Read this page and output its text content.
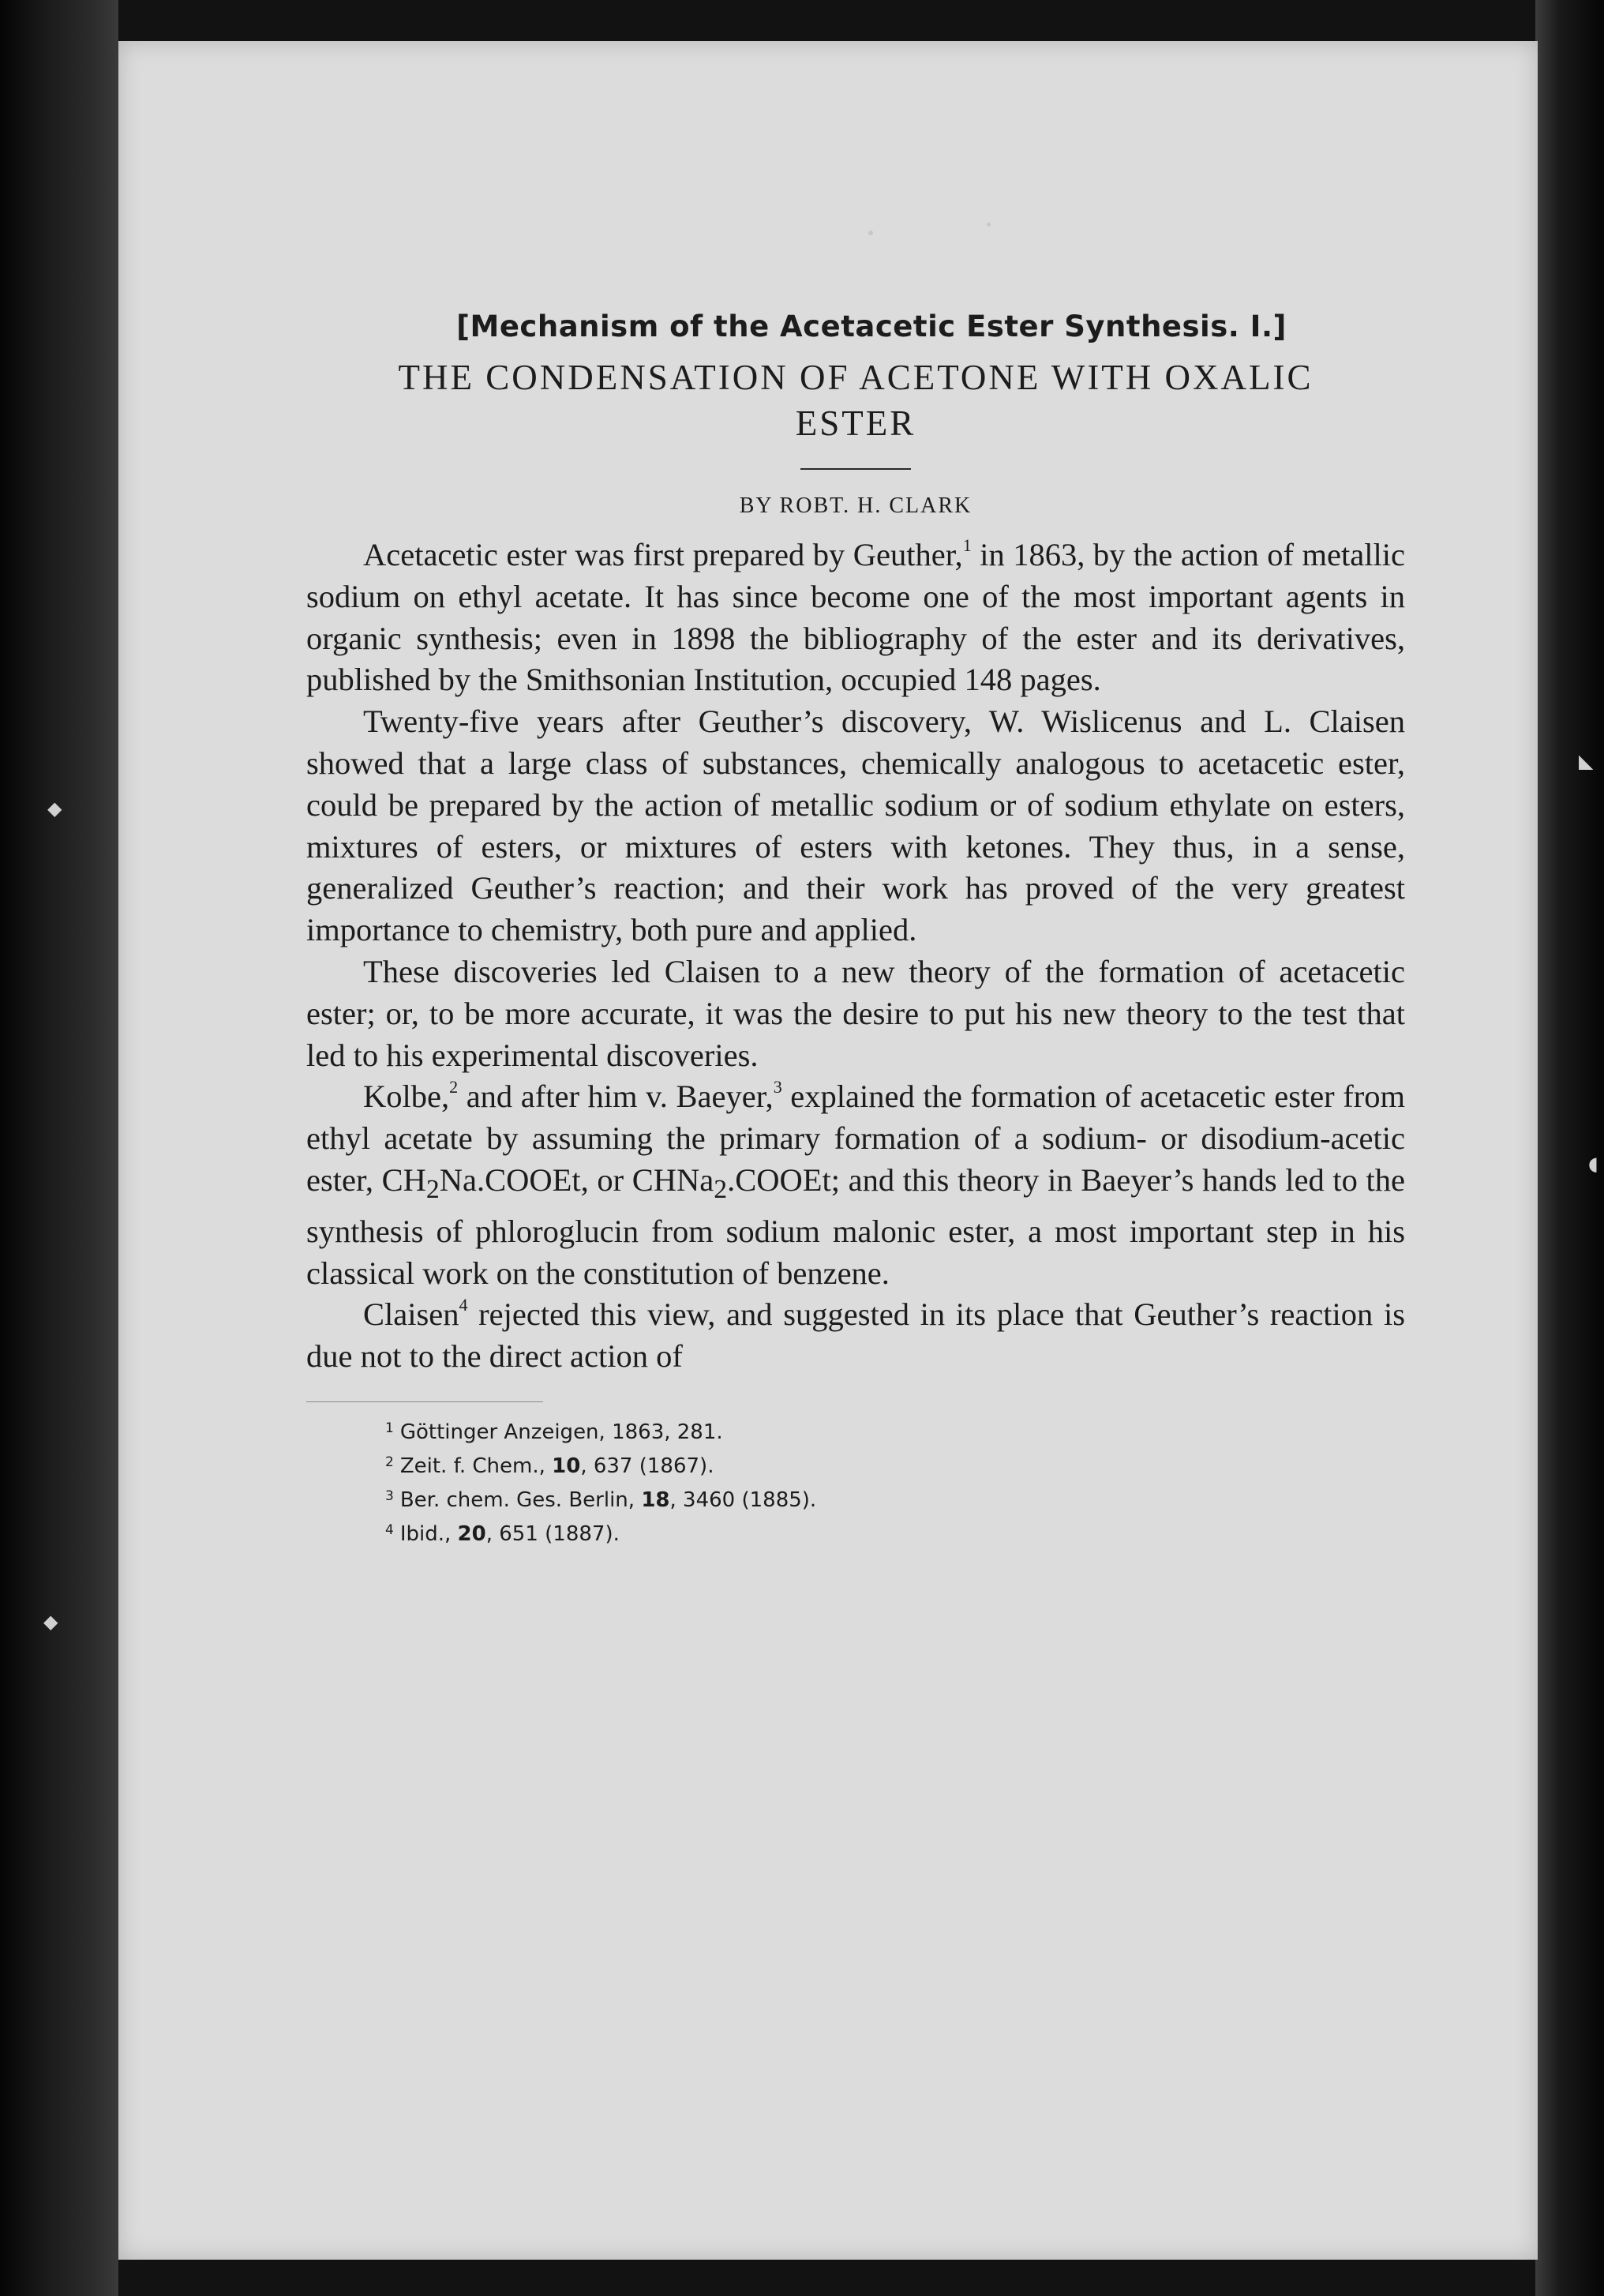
◆
◣
◖
◆
[Mechanism of the Acetacetic Ester Synthesis. I.]
THE CONDENSATION OF ACETONE WITH OXALIC
ESTER
BY ROBT. H. CLARK

Acetacetic ester was first prepared by Geuther,$^1$ in 1863, by the action of metallic sodium on ethyl acetate. It has since become one of the most important agents in organic synthesis; even in 1898 the bibliography of the ester and its derivatives, published by the Smithsonian Institution, occupied 148 pages.

Twenty-five years after Geuther’s discovery, W. Wislicenus and L. Claisen showed that a large class of substances, chemically analogous to acetacetic ester, could be prepared by the action of metallic sodium or of sodium ethylate on esters, mixtures of esters, or mixtures of esters with ketones. They thus, in a sense, generalized Geuther’s reaction; and their work has proved of the very greatest importance to chemistry, both pure and applied.

These discoveries led Claisen to a new theory of the formation of acetacetic ester; or, to be more accurate, it was the desire to put his new theory to the test that led to his experimental discoveries.

Kolbe,$^2$ and after him v. Baeyer,$^3$ explained the formation of acetacetic ester from ethyl acetate by assuming the primary formation of a sodium- or disodium-acetic ester, $CH_2Na.COOEt$, or CHNa$_2$.COOEt; and this theory in Baeyer’s hands led to the synthesis of phloroglucin from sodium malonic ester, a most important step in his classical work on the constitution of benzene.

Claisen$^4$ rejected this view, and suggested in its place that Geuther’s reaction is due not to the direct action of

$^1$ Göttinger Anzeigen, 1863, 281.
$^2$ Zeit. f. Chem., 10, 637 (1867).
$^3$ Ber. chem. Ges. Berlin, 18, 3460 (1885).
$^4$ Ibid., 20, 651 (1887).
